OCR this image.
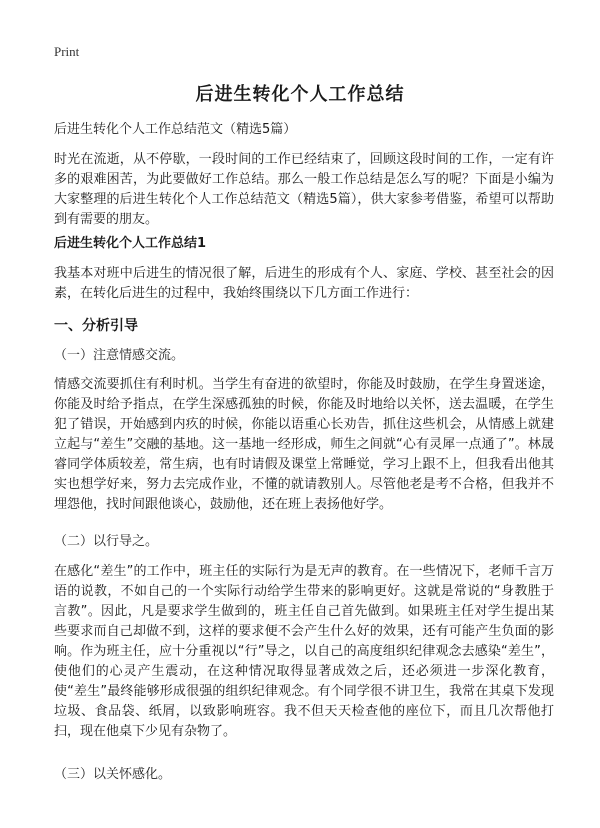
Print
后进生转化个人工作总结

后进生转化个人工作总结范文（精选5篇）

时光在流逝，从不停歇，一段时间的工作已经结束了，回顾这段时间的工作，一定有许多的艰难困苦，为此要做好工作总结。那么一般工作总结是怎么写的呢？下面是小编为大家整理的后进生转化个人工作总结范文（精选5篇），供大家参考借鉴，希望可以帮助到有需要的朋友。

后进生转化个人工作总结1

我基本对班中后进生的情况很了解，后进生的形成有个人、家庭、学校、甚至社会的因素，在转化后进生的过程中，我始终围绕以下几方面工作进行：

一、分析引导

（一）注意情感交流。

情感交流要抓住有利时机。当学生有奋进的欲望时，你能及时鼓励，在学生身置迷途，你能及时给予指点，在学生深感孤独的时候，你能及时地给以关怀，送去温暖，在学生犯了错误，开始感到内疚的时候，你能以语重心长劝告，抓住这些机会，从情感上就建立起与“差生”交融的基地。这一基地一经形成，师生之间就“心有灵犀一点通了”。林晟睿同学体质较差，常生病，也有时请假及课堂上常睡觉，学习上跟不上，但我看出他其实也想学好来，努力去完成作业，不懂的就请教别人。尽管他老是考不合格，但我并不埋怨他，找时间跟他谈心，鼓励他，还在班上表扬他好学。

（二）以行导之。

在感化“差生”的工作中，班主任的实际行为是无声的教育。在一些情况下，老师千言万语的说教，不如自己的一个实际行动给学生带来的影响更好。这就是常说的“身教胜于言教”。因此，凡是要求学生做到的，班主任自己首先做到。如果班主任对学生提出某些要求而自己却做不到，这样的要求便不会产生什么好的效果，还有可能产生负面的影响。作为班主任，应十分重视以“行”导之，以自己的高度组织纪律观念去感染“差生”，使他们的心灵产生震动，在这种情况取得显著成效之后，还必须进一步深化教育，使“差生”最终能够形成很强的组织纪律观念。有个同学很不讲卫生，我常在其桌下发现垃圾、食品袋、纸屑，以致影响班容。我不但天天检查他的座位下，而且几次帮他打扫，现在他桌下少见有杂物了。

（三）以关怀感化。
